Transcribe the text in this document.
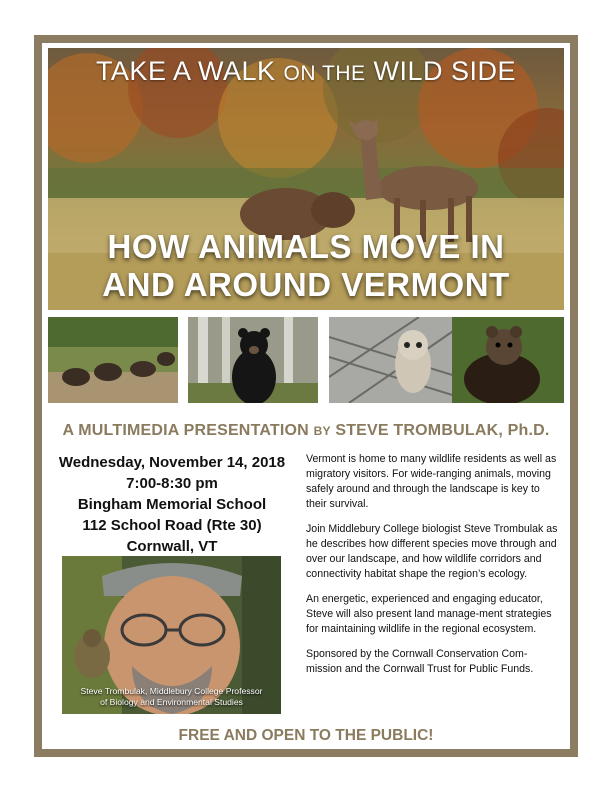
TAKE A WALK ON THE WILD SIDE
HOW ANIMALS MOVE IN
AND AROUND VERMONT
A MULTIMEDIA PRESENTATION BY STEVE TROMBULAK, Ph.D.
Wednesday, November 14, 2018
7:00-8:30 pm
Bingham Memorial School
112 School Road (Rte 30)
Cornwall, VT
Steve Trombulak, Middlebury College Professor
of Biology and Environmental Studies

Vermont is home to many wildlife residents as well as migratory visitors. For wide-ranging animals, moving safely around and through the landscape is key to their survival.

Join Middlebury College biologist Steve Trombulak as he describes how different species move through and over our landscape, and how wildlife corridors and connectivity habitat shape the region’s ecology.

An energetic, experienced and engaging educator, Steve will also present land manage-ment strategies for maintaining wildlife in the regional ecosystem.

Sponsored by the Cornwall Conservation Com-mission and the Cornwall Trust for Public Funds.

FREE AND OPEN TO THE PUBLIC!
